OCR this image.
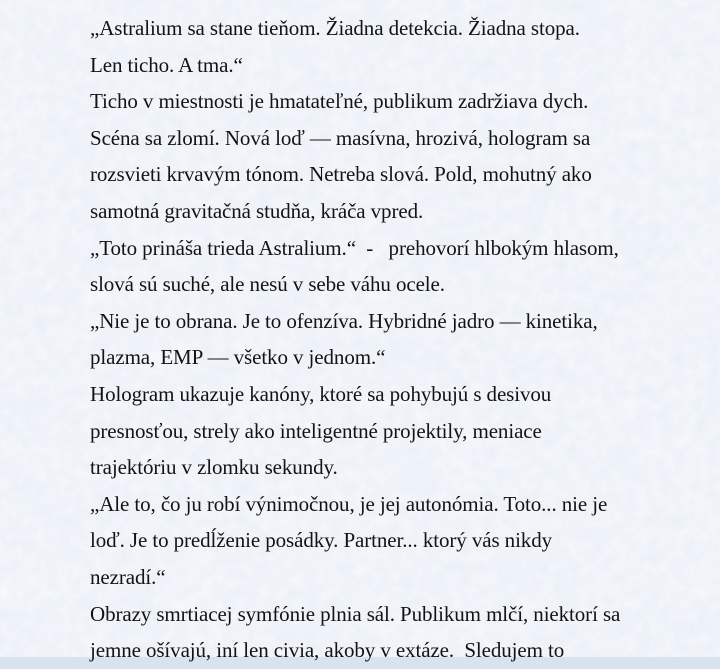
„Astralium sa stane tieňom. Žiadna detekcia. Žiadna stopa.
Len ticho. A tma.“
Ticho v miestnosti je hmatateľné, publikum zadržiava dych.
Scéna sa zlomí. Nová loď — masívna, hrozivá, hologram sa
rozsvieti krvavým tónom. Netreba slová. Pold, mohutný ako
samotná gravitačná studňa, kráča vpred.
„Toto prináša trieda Astralium.“  -   prehovorí hlbokým hlasom,
slová sú suché, ale nesú v sebe váhu ocele.
„Nie je to obrana. Je to ofenzíva. Hybridné jadro — kinetika,
plazma, EMP — všetko v jednom.“
Hologram ukazuje kanóny, ktoré sa pohybujú s desivou
presnosťou, strely ako inteligentné projektily, meniace
trajektóriu v zlomku sekundy.
„Ale to, čo ju robí výnimočnou, je jej autonómia. Toto... nie je
loď. Je to predĺženie posádky. Partner... ktorý vás nikdy
nezradí.“
Obrazy smrtiacej symfónie plnia sál. Publikum mlčí, niektorí sa
jemne ošívajú, iní len civia, akoby v extáze.  Sledujem to
